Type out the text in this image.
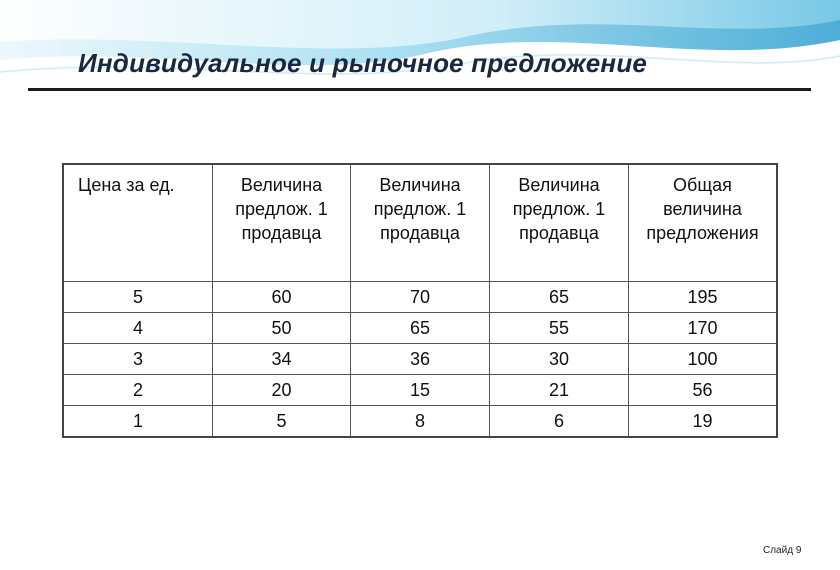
Индивидуальное и рыночное предложение
Цена за ед.	Величина предлож. 1 продавца	Величина предлож. 1 продавца	Величина предлож. 1 продавца	Общая величина предложения
5	60	70	65	195
4	50	65	55	170
3	34	36	30	100
2	20	15	21	56
1	5	8	6	19
Слайд 9
